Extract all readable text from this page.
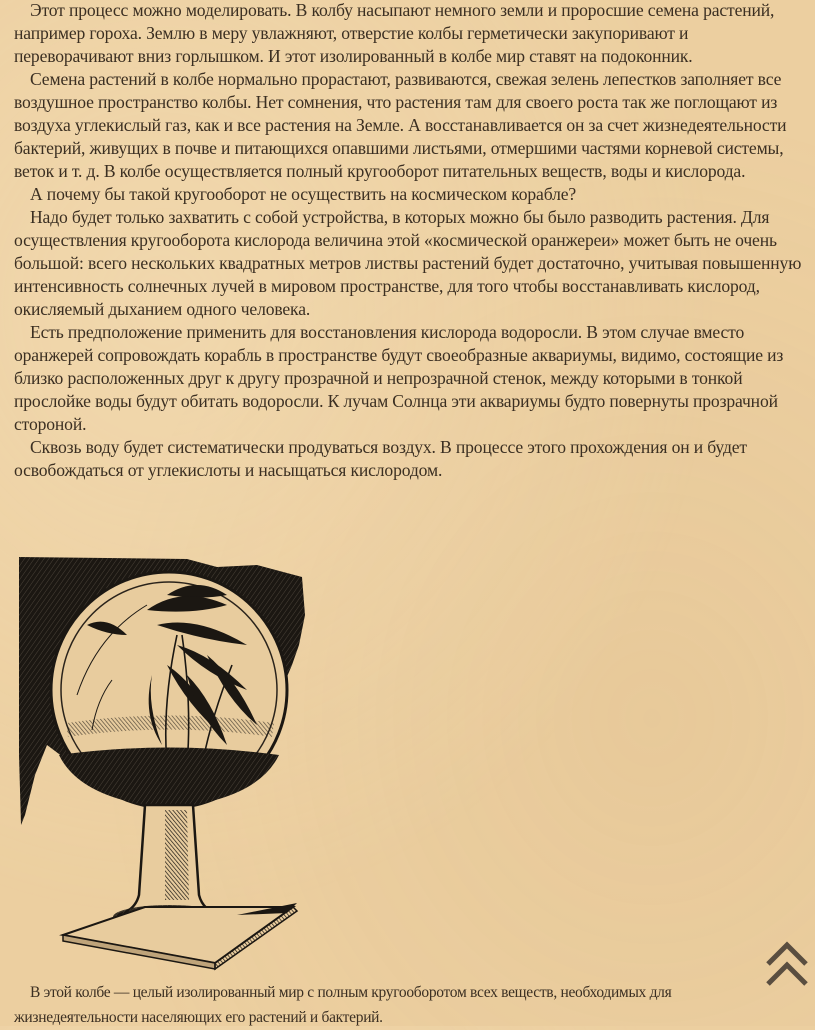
Этот процесс можно моделировать. В колбу насыпают немного земли и проросшие семена растений, например гороха. Землю в меру увлажняют, отверстие колбы герметически закупоривают и переворачивают вниз горлышком. И этот изолированный в колбе мир ставят на подоконник.

Семена растений в колбе нормально прорастают, развиваются, свежая зелень лепестков заполняет все воздушное пространство колбы. Нет сомнения, что растения там для своего роста так же поглощают из воздуха углекислый газ, как и все растения на Земле. А восстанавливается он за счет жизнедеятельности бактерий, живущих в почве и питающихся опавшими листьями, отмершими частями корневой системы, веток и т. д. В колбе осуществляется полный кругооборот питательных веществ, воды и кислорода.

А почему бы такой кругооборот не осуществить на космическом корабле?

Надо будет только захватить с собой устройства, в которых можно бы было разводить растения. Для осуществления кругооборота кислорода величина этой «космической оранжереи» может быть не очень большой: всего нескольких квадратных метров листвы растений будет достаточно, учитывая повышенную интенсивность солнечных лучей в мировом пространстве, для того чтобы восстанавливать кислород, окисляемый дыханием одного человека.

Есть предположение применить для восстановления кислорода водоросли. В этом случае вместо оранжерей сопровождать корабль в пространстве будут своеобразные аквариумы, видимо, состоящие из близко расположенных друг к другу прозрачной и непрозрачной стенок, между которыми в тонкой прослойке воды будут обитать водоросли. К лучам Солнца эти аквариумы будто повернуты прозрачной стороной.

Сквозь воду будет систематически продуваться воздух. В процессе этого прохождения он и будет освобождаться от углекислоты и насыщаться кислородом.

В этой колбе — целый изолированный мир с полным кругооборотом всех веществ, необходимых для жизнедеятельности населяющих его растений и бактерий.
